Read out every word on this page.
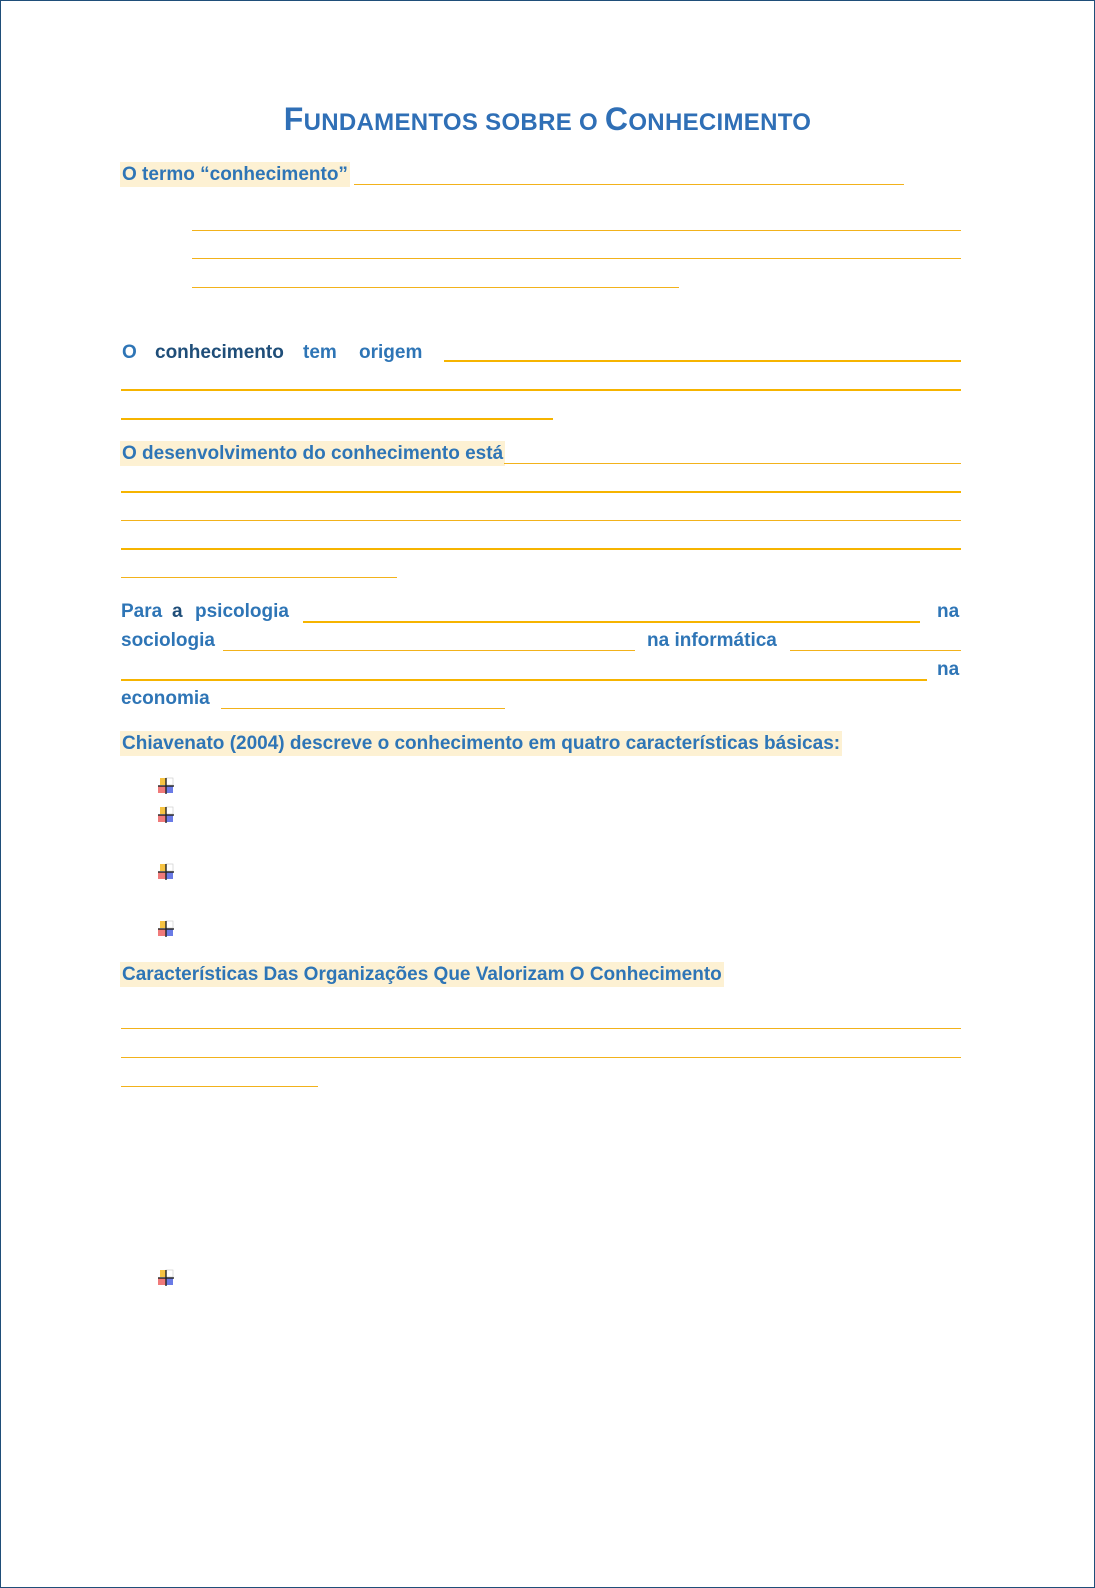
FUNDAMENTOS SOBRE O CONHECIMENTO
O termo “conhecimento”
O conhecimento tem origem
O desenvolvimento do conhecimento está
Para a psicologia	na
sociologia	na informática
na
economia
Chiavenato (2004) descreve o conhecimento em quatro características básicas:
Características Das Organizações Que Valorizam O Conhecimento
